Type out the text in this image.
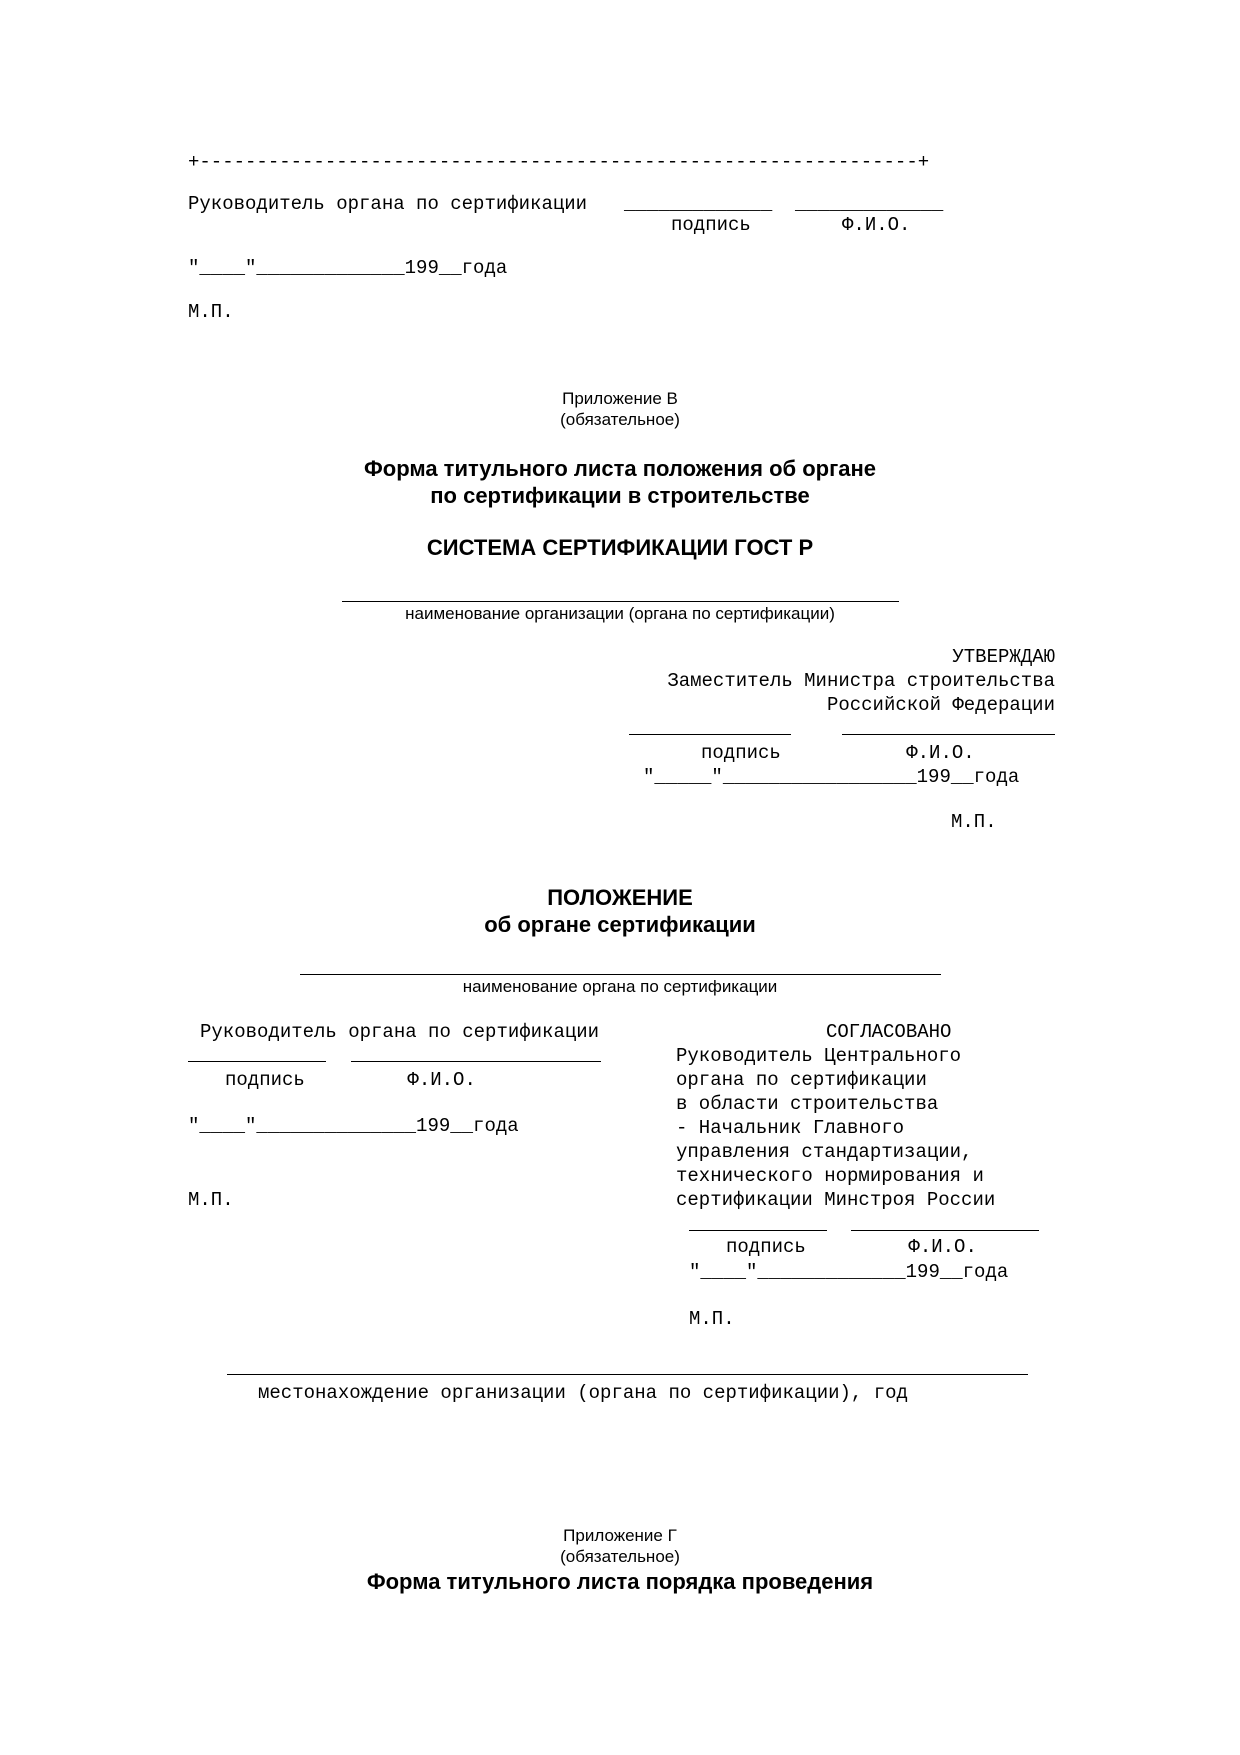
+---------------------------------------------------------------+
Руководитель органа по сертификации _____________  _____________
подпись        Ф.И.О.
"____"_____________199__года
М.П.
Приложение В
(обязательное)
Форма титульного листа положения об органе
по сертификации в строительстве
СИСТЕМА СЕРТИФИКАЦИИ ГОСТ Р
наименование организации (органа по сертификации)
УТВЕРЖДАЮ
Заместитель Министра строительства
Российской Федерации
подпись           Ф.И.О.
"_____"_________________199__года
М.П.
ПОЛОЖЕНИЕ
об органе сертификации
наименование органа по сертификации
Руководитель органа по сертификации
подпись         Ф.И.О.
"____"______________199__года
М.П.
СОГЛАСОВАНО
Руководитель Центрального
органа по сертификации
в области строительства
- Начальник Главного
управления стандартизации,
технического нормирования и
сертификации Минстроя России
подпись         Ф.И.О.
"____"_____________199__года
М.П.
местонахождение организации (органа по сертификации), год
Приложение Г
(обязательное)
Форма титульного листа порядка проведения
